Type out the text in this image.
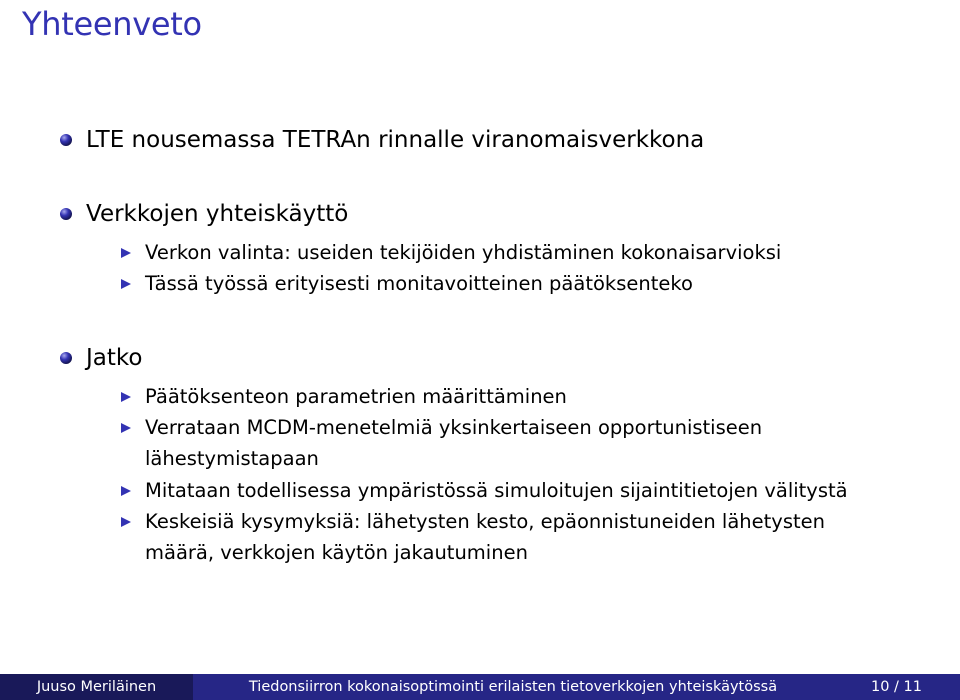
Yhteenveto
LTE nousemassa TETRAn rinnalle viranomaisverkkona
Verkkojen yhteiskäyttö
Verkon valinta: useiden tekijöiden yhdistäminen kokonaisarvioksi
Tässä työssä erityisesti monitavoitteinen päätöksenteko
Jatko
Päätöksenteon parametrien määrittäminen
Verrataan MCDM-menetelmiä yksinkertaiseen opportunistiseen
lähestymistapaan
Mitataan todellisessa ympäristössä simuloitujen sijaintitietojen välitystä
Keskeisiä kysymyksiä: lähetysten kesto, epäonnistuneiden lähetysten
määrä, verkkojen käytön jakautuminen
Juuso Meriläinen	Tiedonsiirron kokonaisoptimointi erilaisten tietoverkkojen yhteiskäytössä	10 / 11
